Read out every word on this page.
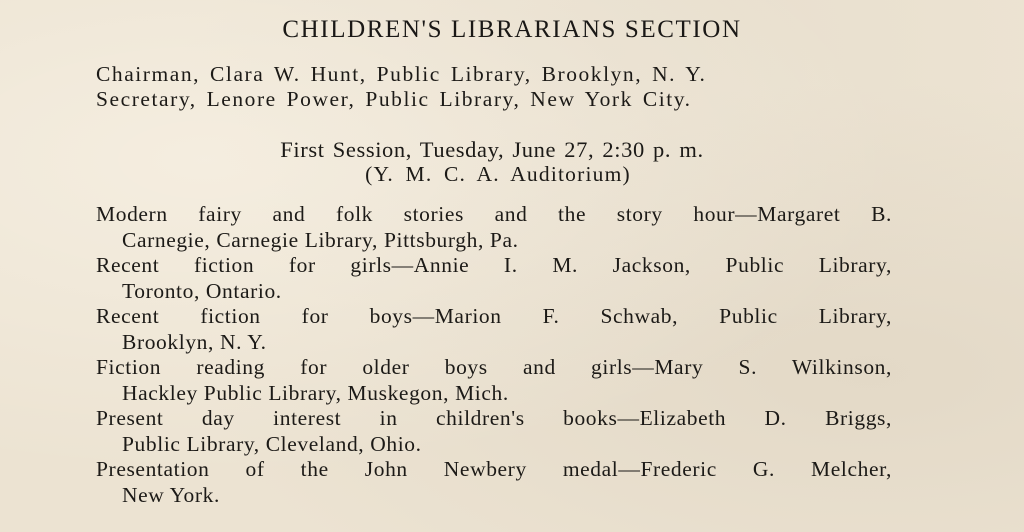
CHILDREN'S LIBRARIANS SECTION
Chairman, Clara W. Hunt, Public Library, Brooklyn, N. Y.
Secretary, Lenore Power, Public Library, New York City.
First Session, Tuesday, June 27, 2:30 p. m.
(Y. M. C. A. Auditorium)
Modern fairy and folk stories and the story hour—Margaret B.
Carnegie, Carnegie Library, Pittsburgh, Pa.
Recent fiction for girls—Annie I. M. Jackson, Public Library,
Toronto, Ontario.
Recent fiction for boys—Marion F. Schwab, Public Library,
Brooklyn, N. Y.
Fiction reading for older boys and girls—Mary S. Wilkinson,
Hackley Public Library, Muskegon, Mich.
Present day interest in children's books—Elizabeth D. Briggs,
Public Library, Cleveland, Ohio.
Presentation of the John Newbery medal—Frederic G. Melcher,
New York.
